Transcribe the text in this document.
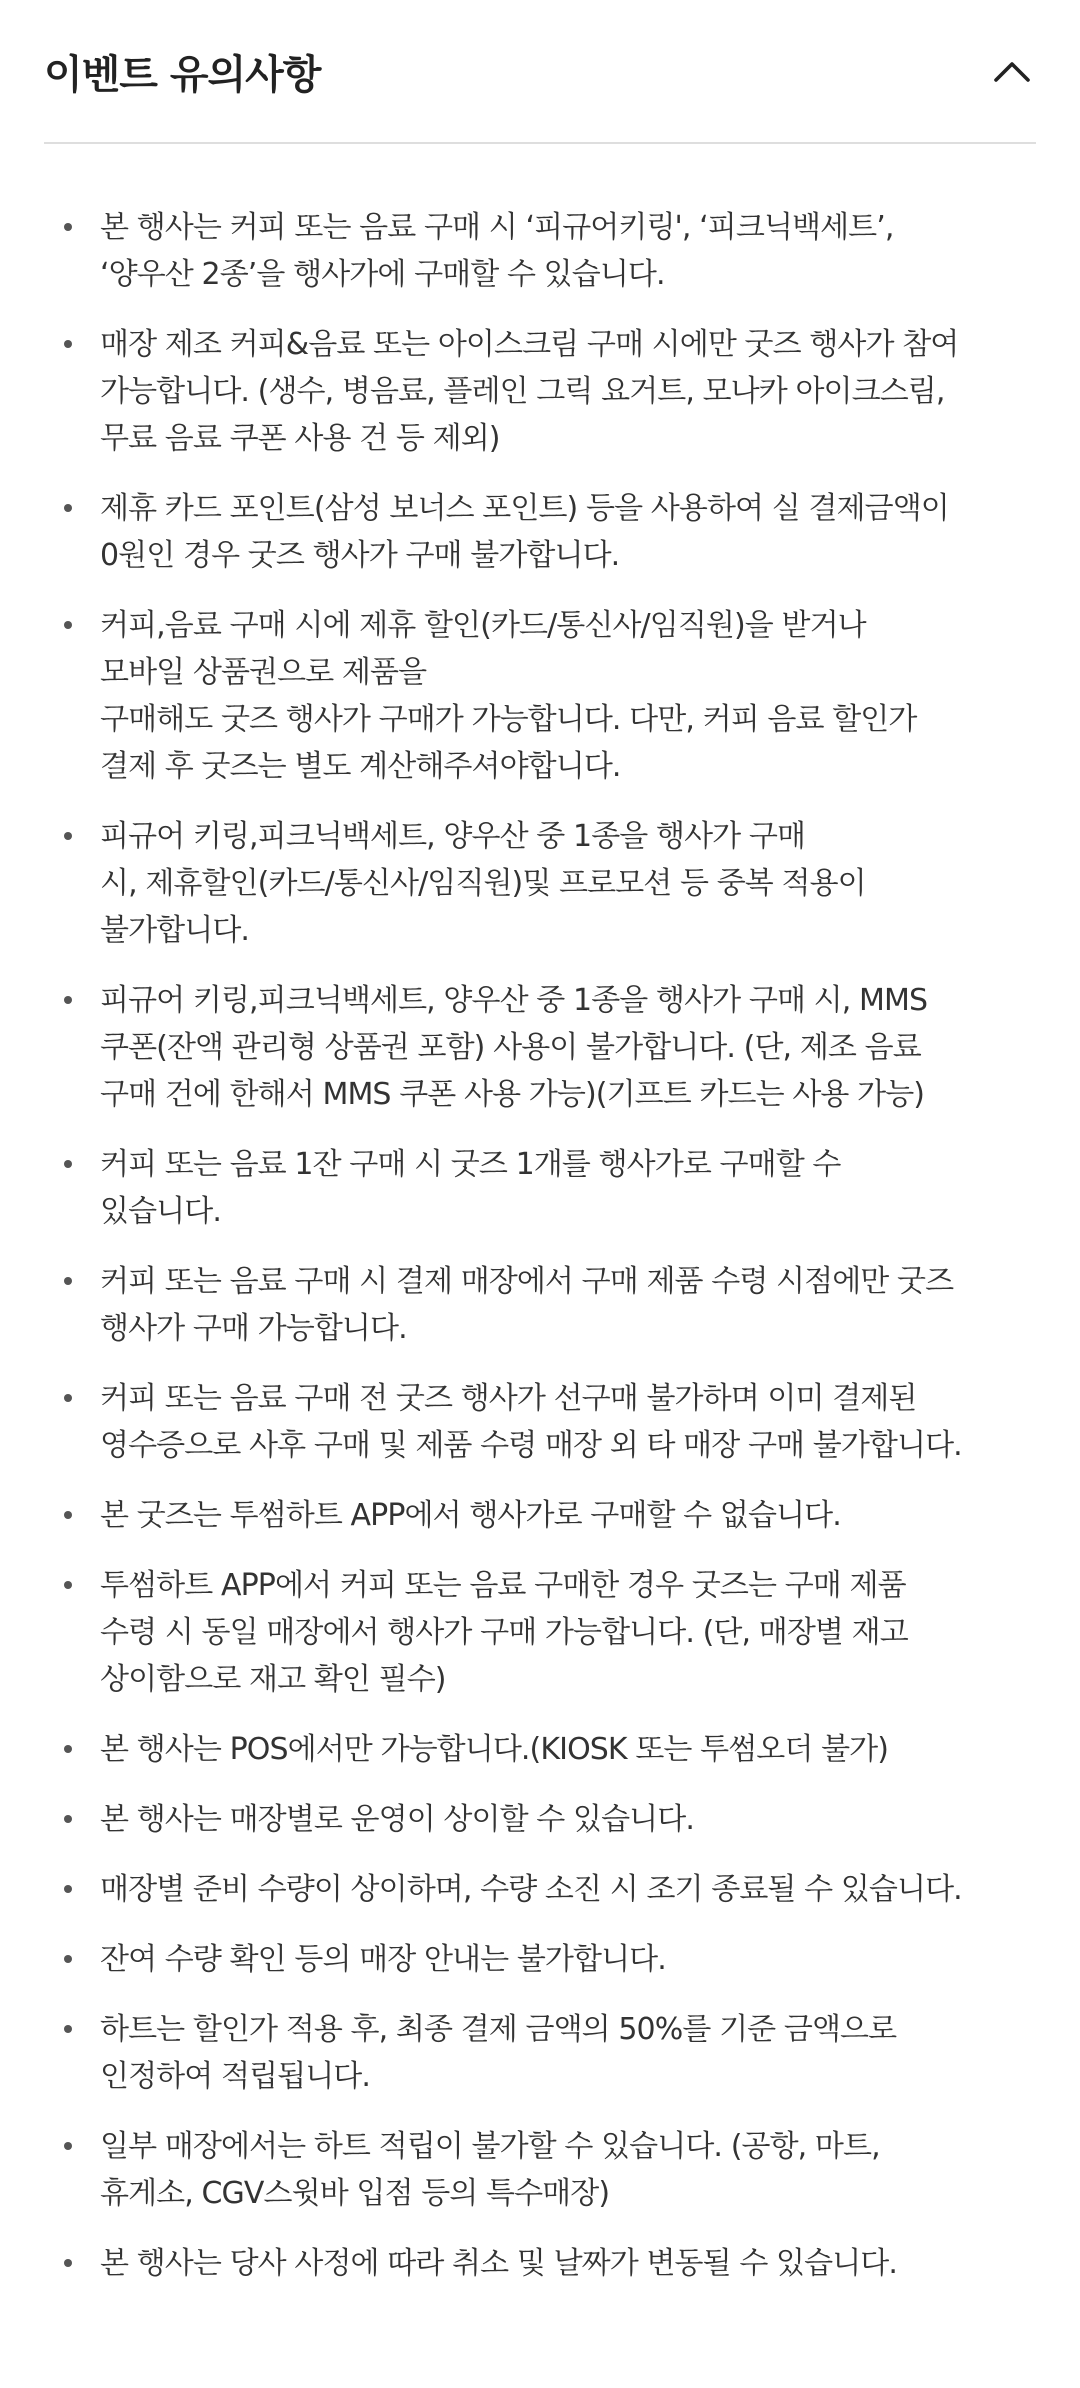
이벤트 유의사항
본 행사는 커피 또는 음료 구매 시 ‘피규어키링', ‘피크닉백세트’,
‘양우산 2종’을 행사가에 구매할 수 있습니다.
매장 제조 커피&음료 또는 아이스크림 구매 시에만 굿즈 행사가 참여
가능합니다. (생수, 병음료, 플레인 그릭 요거트, 모나카 아이크스림,
무료 음료 쿠폰 사용 건 등 제외)
제휴 카드 포인트(삼성 보너스 포인트) 등을 사용하여 실 결제금액이
0원인 경우 굿즈 행사가 구매 불가합니다.
커피,음료 구매 시에 제휴 할인(카드/통신사/임직원)을 받거나
모바일 상품권으로 제품을
구매해도 굿즈 행사가 구매가 가능합니다. 다만, 커피 음료 할인가
결제 후 굿즈는 별도 계산해주셔야합니다.
피규어 키링,피크닉백세트, 양우산 중 1종을 행사가 구매
시, 제휴할인(카드/통신사/임직원)및 프로모션 등 중복 적용이
불가합니다.
피규어 키링,피크닉백세트, 양우산 중 1종을 행사가 구매 시, MMS
쿠폰(잔액 관리형 상품권 포함) 사용이 불가합니다. (단, 제조 음료
구매 건에 한해서 MMS 쿠폰 사용 가능)(기프트 카드는 사용 가능)
커피 또는 음료 1잔 구매 시 굿즈 1개를 행사가로 구매할 수
있습니다.
커피 또는 음료 구매 시 결제 매장에서 구매 제품 수령 시점에만 굿즈
행사가 구매 가능합니다.
커피 또는 음료 구매 전 굿즈 행사가 선구매 불가하며 이미 결제된
영수증으로 사후 구매 및 제품 수령 매장 외 타 매장 구매 불가합니다.
본 굿즈는 투썸하트 APP에서 행사가로 구매할 수 없습니다.
투썸하트 APP에서 커피 또는 음료 구매한 경우 굿즈는 구매 제품
수령 시 동일 매장에서 행사가 구매 가능합니다. (단, 매장별 재고
상이함으로 재고 확인 필수)
본 행사는 POS에서만 가능합니다.(KIOSK 또는 투썸오더 불가)
본 행사는 매장별로 운영이 상이할 수 있습니다.
매장별 준비 수량이 상이하며, 수량 소진 시 조기 종료될 수 있습니다.
잔여 수량 확인 등의 매장 안내는 불가합니다.
하트는 할인가 적용 후, 최종 결제 금액의 50%를 기준 금액으로
인정하여 적립됩니다.
일부 매장에서는 하트 적립이 불가할 수 있습니다. (공항, 마트,
휴게소, CGV스윗바 입점 등의 특수매장)
본 행사는 당사 사정에 따라 취소 및 날짜가 변동될 수 있습니다.
